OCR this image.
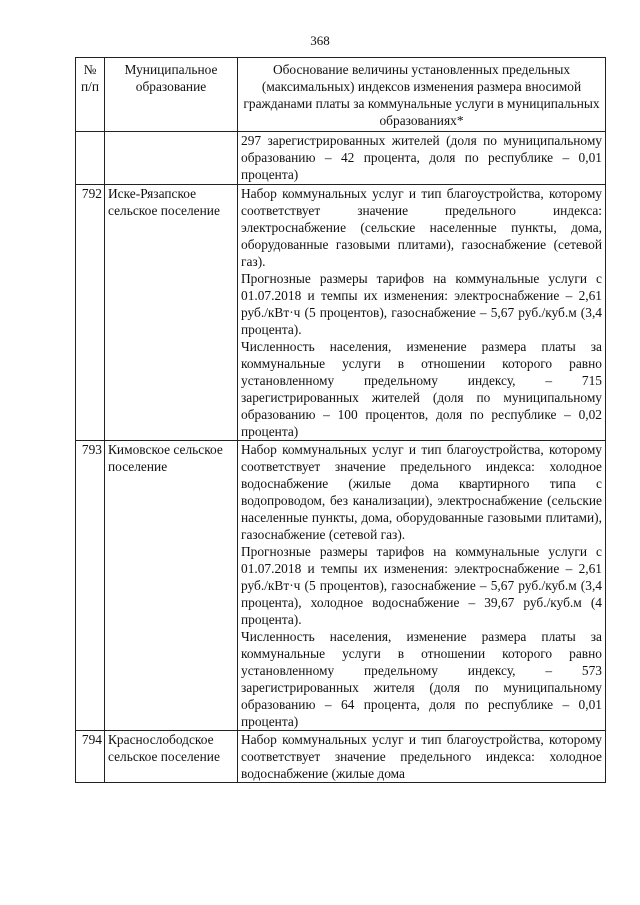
368
№ п/п	Муниципальное образование	Обоснование величины установленных предельных (максимальных) индексов изменения размера вносимой гражданами платы за коммунальные услуги в муниципальных образованиях*

		297 зарегистрированных жителей (доля по муниципальному образованию – 42 процента, доля по республике – 0,01 процента)

792	Иске-Рязапское сельское поселение	Набор коммунальных услуг и тип благоустройства, которому соответствует значение предельного индекса: электроснабжение (сельские населенные пункты, дома, оборудованные газовыми плитами), газоснабжение (сетевой газ).
Прогнозные размеры тарифов на коммунальные услуги с 01.07.2018 и темпы их изменения: электроснабжение – 2,61 руб./кВт·ч (5 процентов), газоснабжение – 5,67 руб./куб.м (3,4 процента).
Численность населения, изменение размера платы за коммунальные услуги в отношении которого равно установленному предельному индексу, – 715 зарегистрированных жителей (доля по муниципальному образованию – 100 процентов, доля по республике – 0,02 процента)

793	Кимовское сельское поселение	Набор коммунальных услуг и тип благоустройства, которому соответствует значение предельного индекса: холодное водоснабжение (жилые дома квартирного типа с водопроводом, без канализации), электроснабжение (сельские населенные пункты, дома, оборудованные газовыми плитами), газоснабжение (сетевой газ).
Прогнозные размеры тарифов на коммунальные услуги с 01.07.2018 и темпы их изменения: электроснабжение – 2,61 руб./кВт·ч (5 процентов), газоснабжение – 5,67 руб./куб.м (3,4 процента), холодное водоснабжение – 39,67 руб./куб.м (4 процента).
Численность населения, изменение размера платы за коммунальные услуги в отношении которого равно установленному предельному индексу, – 573 зарегистрированных жителя (доля по муниципальному образованию – 64 процента, доля по республике – 0,01 процента)

794	Краснослободское сельское поселение	Набор коммунальных услуг и тип благоустройства, которому соответствует значение предельного индекса: холодное водоснабжение (жилые дома
